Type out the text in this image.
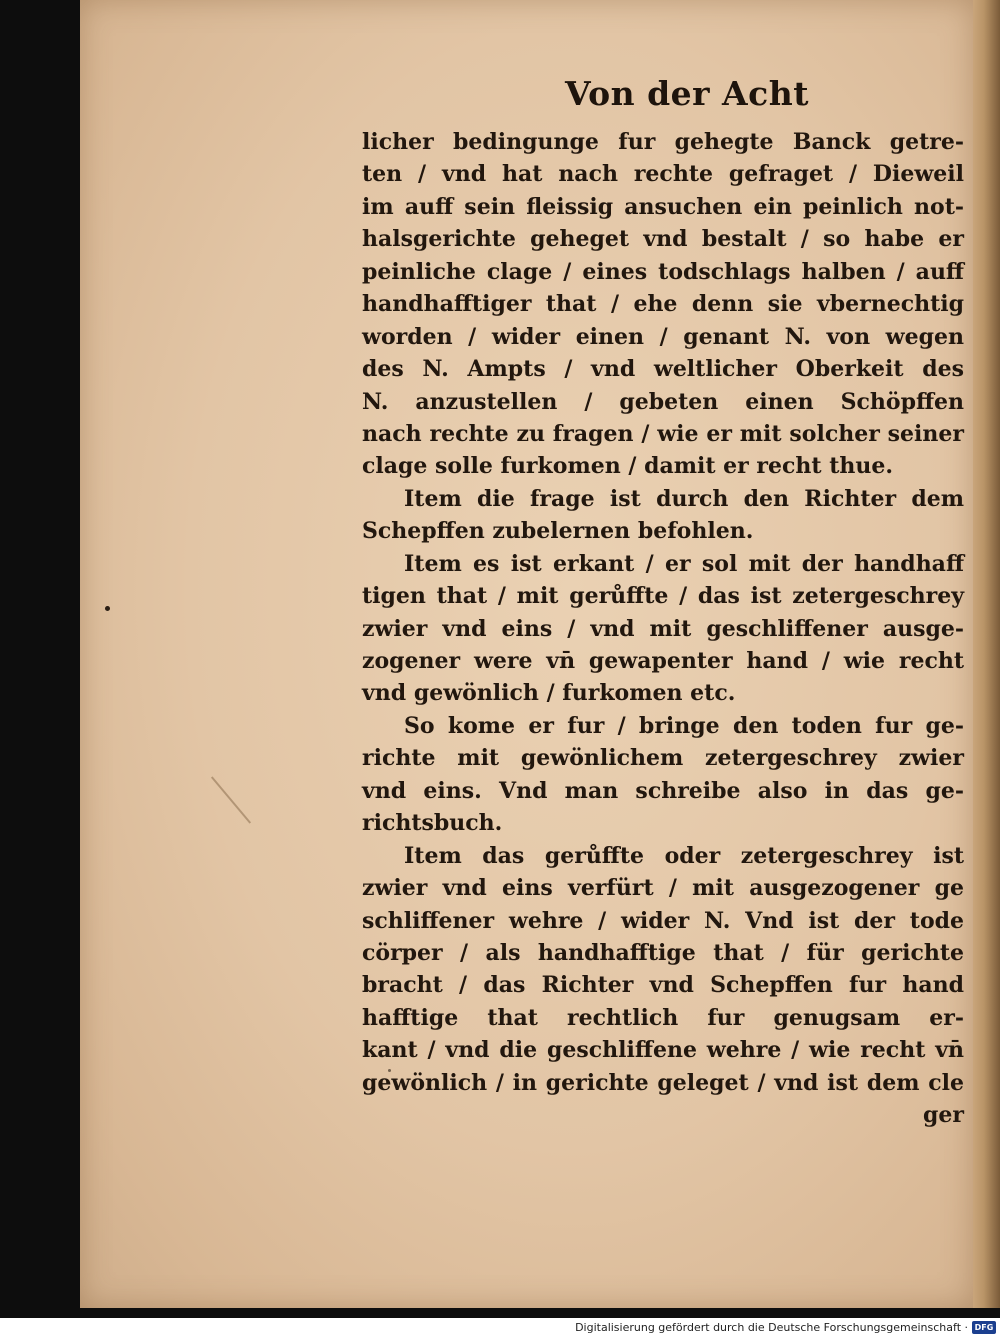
Von der Acht
licher bedingunge fur gehegte Banck getre-
ten / vnd hat nach rechte gefraget / Dieweil
im auff sein fleissig ansuchen ein peinlich not-
halsgerichte geheget vnd bestalt / so habe er
peinliche clage / eines todschlags halben / auff
handhafftiger that / ehe denn sie vbernechtig
worden / wider einen / genant N. von wegen
des N. Ampts / vnd weltlicher Oberkeit des
N. anzustellen / gebeten einen Schöpffen
nach rechte zu fragen / wie er mit solcher seiner
clage solle furkomen / damit er recht thue.
Item die frage ist durch den Richter dem
Schepffen zubelernen befohlen.
Item es ist erkant / er sol mit der handhaff
tigen that / mit gerůffte / das ist zetergeschrey
zwier vnd eins / vnd mit geschliffener ausge-
zogener were vn̄ gewapenter hand / wie recht
vnd gewönlich / furkomen etc.
So kome er fur / bringe den toden fur ge-
richte mit gewönlichem zetergeschrey zwier
vnd eins. Vnd man schreibe also in das ge-
richtsbuch.
Item das gerůffte oder zetergeschrey ist
zwier vnd eins verfürt / mit ausgezogener ge
schliffener wehre / wider N. Vnd ist der tode
cörper / als handhafftige that / für gerichte
bracht / das Richter vnd Schepffen fur hand
hafftige that rechtlich fur genugsam er-
kant / vnd die geschliffene wehre / wie recht vn̄
gewönlich / in gerichte geleget / vnd ist dem cle
ger

Digitalisierung gefördert durch die Deutsche Forschungsgemeinschaft · DFG
